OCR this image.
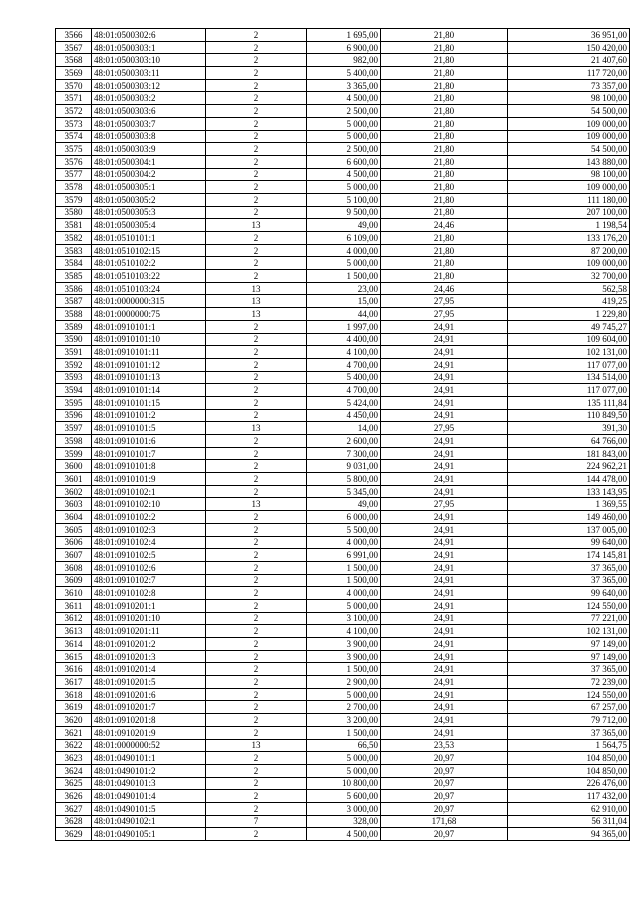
3566	48:01:0500302:6	2	1 695,00	21,80	36 951,00
3567	48:01:0500303:1	2	6 900,00	21,80	150 420,00
3568	48:01:0500303:10	2	982,00	21,80	21 407,60
3569	48:01:0500303:11	2	5 400,00	21,80	117 720,00
3570	48:01:0500303:12	2	3 365,00	21,80	73 357,00
3571	48:01:0500303:2	2	4 500,00	21,80	98 100,00
3572	48:01:0500303:6	2	2 500,00	21,80	54 500,00
3573	48:01:0500303:7	2	5 000,00	21,80	109 000,00
3574	48:01:0500303:8	2	5 000,00	21,80	109 000,00
3575	48:01:0500303:9	2	2 500,00	21,80	54 500,00
3576	48:01:0500304:1	2	6 600,00	21,80	143 880,00
3577	48:01:0500304:2	2	4 500,00	21,80	98 100,00
3578	48:01:0500305:1	2	5 000,00	21,80	109 000,00
3579	48:01:0500305:2	2	5 100,00	21,80	111 180,00
3580	48:01:0500305:3	2	9 500,00	21,80	207 100,00
3581	48:01:0500305:4	13	49,00	24,46	1 198,54
3582	48:01:0510101:1	2	6 109,00	21,80	133 176,20
3583	48:01:0510102:15	2	4 000,00	21,80	87 200,00
3584	48:01:0510102:2	2	5 000,00	21,80	109 000,00
3585	48:01:0510103:22	2	1 500,00	21,80	32 700,00
3586	48:01:0510103:24	13	23,00	24,46	562,58
3587	48:01:0000000:315	13	15,00	27,95	419,25
3588	48:01:0000000:75	13	44,00	27,95	1 229,80
3589	48:01:0910101:1	2	1 997,00	24,91	49 745,27
3590	48:01:0910101:10	2	4 400,00	24,91	109 604,00
3591	48:01:0910101:11	2	4 100,00	24,91	102 131,00
3592	48:01:0910101:12	2	4 700,00	24,91	117 077,00
3593	48:01:0910101:13	2	5 400,00	24,91	134 514,00
3594	48:01:0910101:14	2	4 700,00	24,91	117 077,00
3595	48:01:0910101:15	2	5 424,00	24,91	135 111,84
3596	48:01:0910101:2	2	4 450,00	24,91	110 849,50
3597	48:01:0910101:5	13	14,00	27,95	391,30
3598	48:01:0910101:6	2	2 600,00	24,91	64 766,00
3599	48:01:0910101:7	2	7 300,00	24,91	181 843,00
3600	48:01:0910101:8	2	9 031,00	24,91	224 962,21
3601	48:01:0910101:9	2	5 800,00	24,91	144 478,00
3602	48:01:0910102:1	2	5 345,00	24,91	133 143,95
3603	48:01:0910102:10	13	49,00	27,95	1 369,55
3604	48:01:0910102:2	2	6 000,00	24,91	149 460,00
3605	48:01:0910102:3	2	5 500,00	24,91	137 005,00
3606	48:01:0910102:4	2	4 000,00	24,91	99 640,00
3607	48:01:0910102:5	2	6 991,00	24,91	174 145,81
3608	48:01:0910102:6	2	1 500,00	24,91	37 365,00
3609	48:01:0910102:7	2	1 500,00	24,91	37 365,00
3610	48:01:0910102:8	2	4 000,00	24,91	99 640,00
3611	48:01:0910201:1	2	5 000,00	24,91	124 550,00
3612	48:01:0910201:10	2	3 100,00	24,91	77 221,00
3613	48:01:0910201:11	2	4 100,00	24,91	102 131,00
3614	48:01:0910201:2	2	3 900,00	24,91	97 149,00
3615	48:01:0910201:3	2	3 900,00	24,91	97 149,00
3616	48:01:0910201:4	2	1 500,00	24,91	37 365,00
3617	48:01:0910201:5	2	2 900,00	24,91	72 239,00
3618	48:01:0910201:6	2	5 000,00	24,91	124 550,00
3619	48:01:0910201:7	2	2 700,00	24,91	67 257,00
3620	48:01:0910201:8	2	3 200,00	24,91	79 712,00
3621	48:01:0910201:9	2	1 500,00	24,91	37 365,00
3622	48:01:0000000:52	13	66,50	23,53	1 564,75
3623	48:01:0490101:1	2	5 000,00	20,97	104 850,00
3624	48:01:0490101:2	2	5 000,00	20,97	104 850,00
3625	48:01:0490101:3	2	10 800,00	20,97	226 476,00
3626	48:01:0490101:4	2	5 600,00	20,97	117 432,00
3627	48:01:0490101:5	2	3 000,00	20,97	62 910,00
3628	48:01:0490102:1	7	328,00	171,68	56 311,04
3629	48:01:0490105:1	2	4 500,00	20,97	94 365,00
